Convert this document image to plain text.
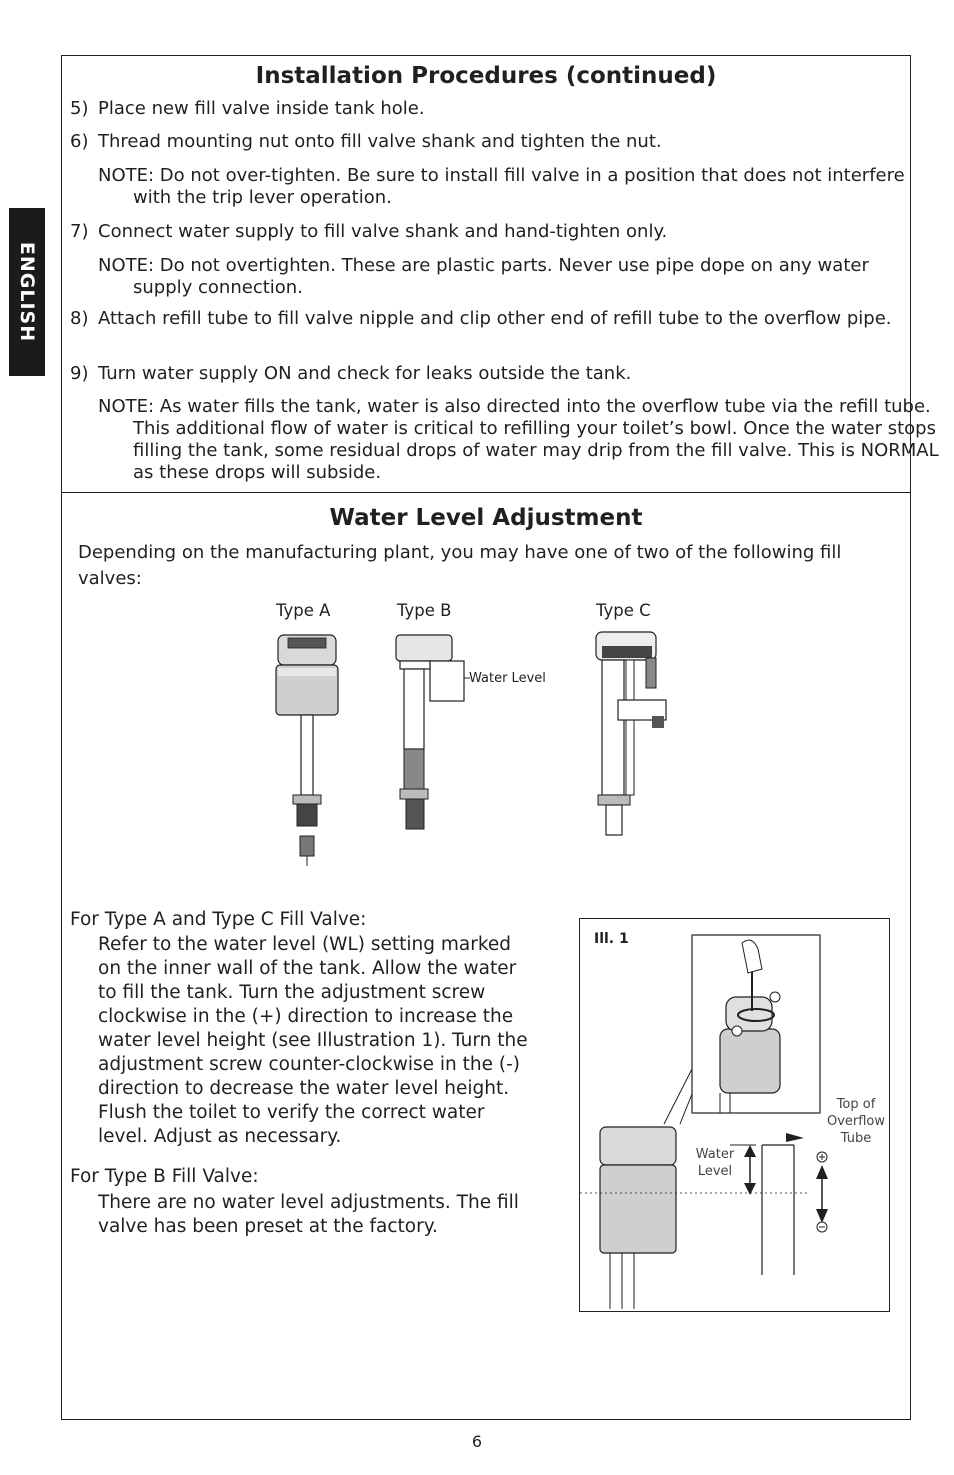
ENGLISH
Installation Procedures (continued)
5) Place new fill valve inside tank hole.
6) Thread mounting nut onto fill valve shank and tighten the nut.

NOTE: Do not over-tighten. Be sure to install fill valve in a position that does not interfere with the trip lever operation.

7) Connect water supply to fill valve shank and hand-tighten only.

NOTE: Do not overtighten. These are plastic parts. Never use pipe dope on any water supply connection.

8) Attach refill tube to fill valve nipple and clip other end of refill tube to the overflow pipe.
9) Turn water supply ON and check for leaks outside the tank.

NOTE: As water fills the tank, water is also directed into the overflow tube via the refill tube. This additional flow of water is critical to refilling your toilet’s bowl. Once the water stops filling the tank, some residual drops of water may drip from the fill valve. This is NORMAL as these drops will subside.

Water Level Adjustment

Depending on the manufacturing plant, you may have one of two of the following fill valves:

Type A	Type B	Type C
Water Level

For Type A and Type C Fill Valve:

Refer to the water level (WL) setting marked on the inner wall of the tank. Allow the water to fill the tank. Turn the adjustment screw clockwise in the (+) direction to increase the water level height (see Illustration 1). Turn the adjustment screw counter-clockwise in the (-) direction to decrease the water level height. Flush the toilet to verify the correct water level. Adjust as necessary.

For Type B Fill Valve:

There are no water level adjustments. The fill valve has been preset at the factory.

Ill. 1
Water
Level
Top of
Overflow
Tube
6
